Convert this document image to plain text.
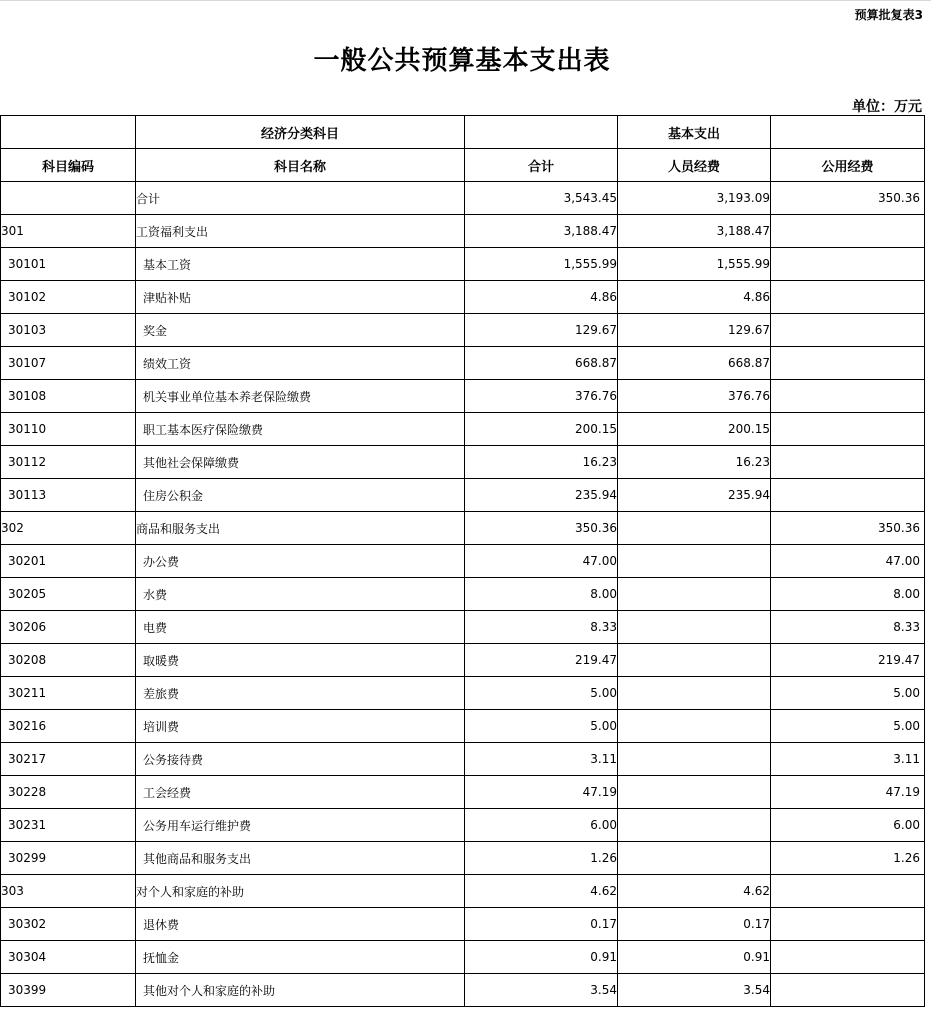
预算批复表3
一般公共预算基本支出表
单位：万元
	经济分类科目		基本支出	
科目编码	科目名称	合计	人员经费	公用经费
	合计	3,543.45	3,193.09	350.36
301	工资福利支出	3,188.47	3,188.47	
30101	基本工资	1,555.99	1,555.99	
30102	津贴补贴	4.86	4.86	
30103	奖金	129.67	129.67	
30107	绩效工资	668.87	668.87	
30108	机关事业单位基本养老保险缴费	376.76	376.76	
30110	职工基本医疗保险缴费	200.15	200.15	
30112	其他社会保障缴费	16.23	16.23	
30113	住房公积金	235.94	235.94	
302	商品和服务支出	350.36		350.36
30201	办公费	47.00		47.00
30205	水费	8.00		8.00
30206	电费	8.33		8.33
30208	取暖费	219.47		219.47
30211	差旅费	5.00		5.00
30216	培训费	5.00		5.00
30217	公务接待费	3.11		3.11
30228	工会经费	47.19		47.19
30231	公务用车运行维护费	6.00		6.00
30299	其他商品和服务支出	1.26		1.26
303	对个人和家庭的补助	4.62	4.62	
30302	退休费	0.17	0.17	
30304	抚恤金	0.91	0.91	
30399	其他对个人和家庭的补助	3.54	3.54	
